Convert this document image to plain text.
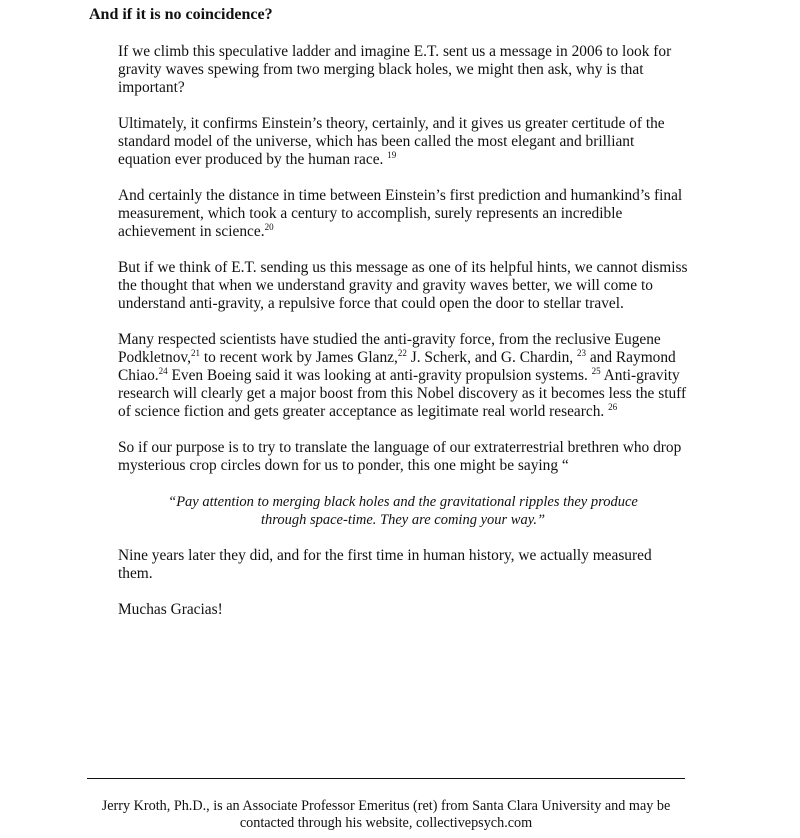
And if it is no coincidence?

If we climb this speculative ladder and imagine E.T. sent us a message in 2006 to look for gravity waves spewing from two merging black holes, we might then ask, why is that important?

Ultimately, it confirms Einstein’s theory, certainly, and it gives us greater certitude of the standard model of the universe, which has been called the most elegant and brilliant equation ever produced by the human race. $^{19}$

And certainly the distance in time between Einstein’s first prediction and humankind’s final measurement, which took a century to accomplish, surely represents an incredible achievement in science.$^{20}$

But if we think of E.T. sending us this message as one of its helpful hints, we cannot dismiss the thought that when we understand gravity and gravity waves better, we will come to understand anti-gravity, a repulsive force that could open the door to stellar travel.

Many respected scientists have studied the anti-gravity force, from the reclusive Eugene Podkletnov,$^{21}$ to recent work by James Glanz,$^{22}$ J. Scherk, and G. Chardin, $^{23}$ and Raymond Chiao.$^{24}$ Even Boeing said it was looking at anti-gravity propulsion systems. $^{25}$ Anti-gravity research will clearly get a major boost from this Nobel discovery as it becomes less the stuff of science fiction and gets greater acceptance as legitimate real world research. $^{26}$

So if our purpose is to try to translate the language of our extraterrestrial brethren who drop mysterious crop circles down for us to ponder, this one might be saying “

“Pay attention to merging black holes and the gravitational ripples they produce through space-time. They are coming your way.”

Nine years later they did, and for the first time in human history, we actually measured them.

Muchas Gracias!

Jerry Kroth, Ph.D., is an Associate Professor Emeritus (ret) from Santa Clara University and may be contacted through his website, collectivepsych.com
